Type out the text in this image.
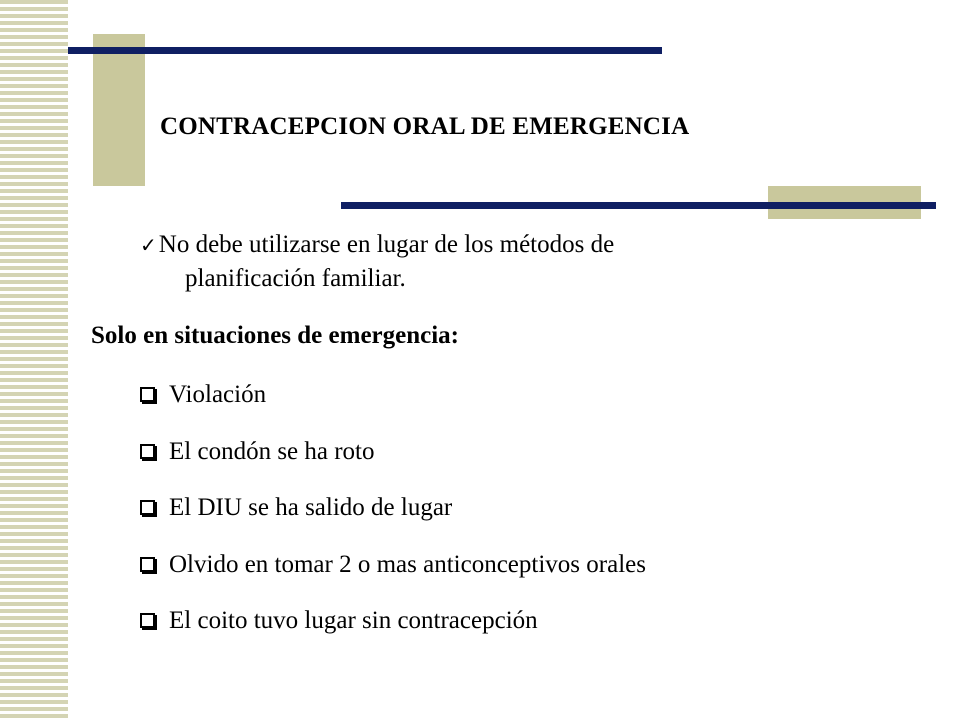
CONTRACEPCION ORAL DE EMERGENCIA
✓No debe utilizarse en lugar de los métodos de
planificación familiar.
Solo en situaciones de emergencia:
Violación
El condón se ha roto
El DIU se ha salido de lugar
Olvido en tomar 2 o mas anticonceptivos orales
El coito tuvo lugar sin contracepción
